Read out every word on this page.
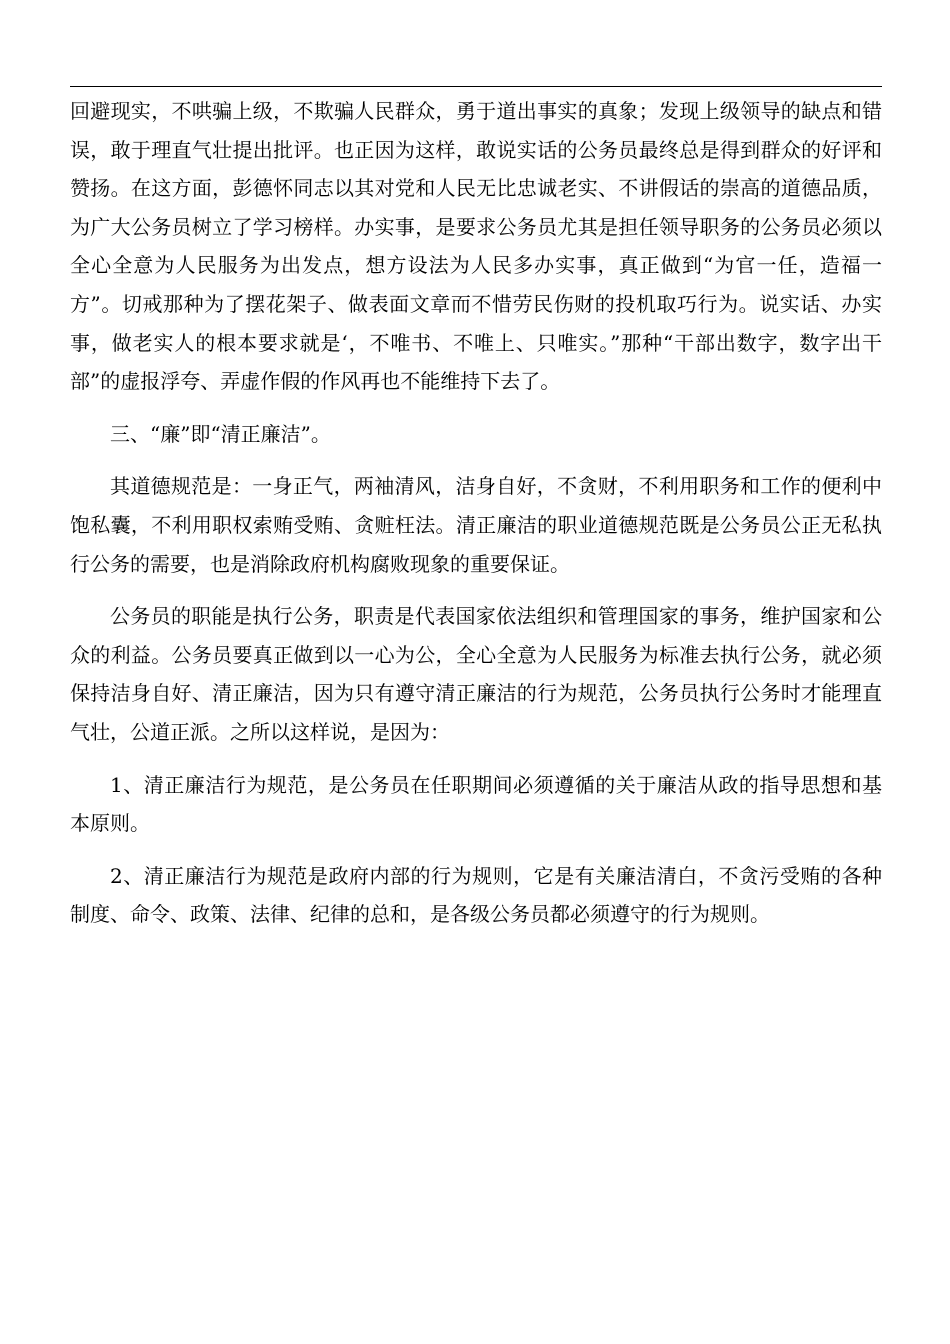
回避现实，不哄骗上级，不欺骗人民群众，勇于道出事实的真象；发现上级领导的缺点和错误，敢于理直气壮提出批评。也正因为这样，敢说实话的公务员最终总是得到群众的好评和赞扬。在这方面，彭德怀同志以其对党和人民无比忠诚老实、不讲假话的崇高的道德品质，为广大公务员树立了学习榜样。办实事，是要求公务员尤其是担任领导职务的公务员必须以全心全意为人民服务为出发点，想方设法为人民多办实事，真正做到“为官一任，造福一方”。切戒那种为了摆花架子、做表面文章而不惜劳民伤财的投机取巧行为。说实话、办实事，做老实人的根本要求就是‘，不唯书、不唯上、只唯实。”那种“干部出数字，数字出干部”的虚报浮夸、弄虚作假的作风再也不能维持下去了。

三、“廉”即“清正廉洁”。

其道德规范是：一身正气，两袖清风，洁身自好，不贪财，不利用职务和工作的便利中饱私囊，不利用职权索贿受贿、贪赃枉法。清正廉洁的职业道德规范既是公务员公正无私执行公务的需要，也是消除政府机构腐败现象的重要保证。

公务员的职能是执行公务，职责是代表国家依法组织和管理国家的事务，维护国家和公众的利益。公务员要真正做到以一心为公，全心全意为人民服务为标准去执行公务，就必须保持洁身自好、清正廉洁，因为只有遵守清正廉洁的行为规范，公务员执行公务时才能理直气壮，公道正派。之所以这样说，是因为：

1、清正廉洁行为规范，是公务员在任职期间必须遵循的关于廉洁从政的指导思想和基本原则。

2、清正廉洁行为规范是政府内部的行为规则，它是有关廉洁清白，不贪污受贿的各种制度、命令、政策、法律、纪律的总和，是各级公务员都必须遵守的行为规则。
